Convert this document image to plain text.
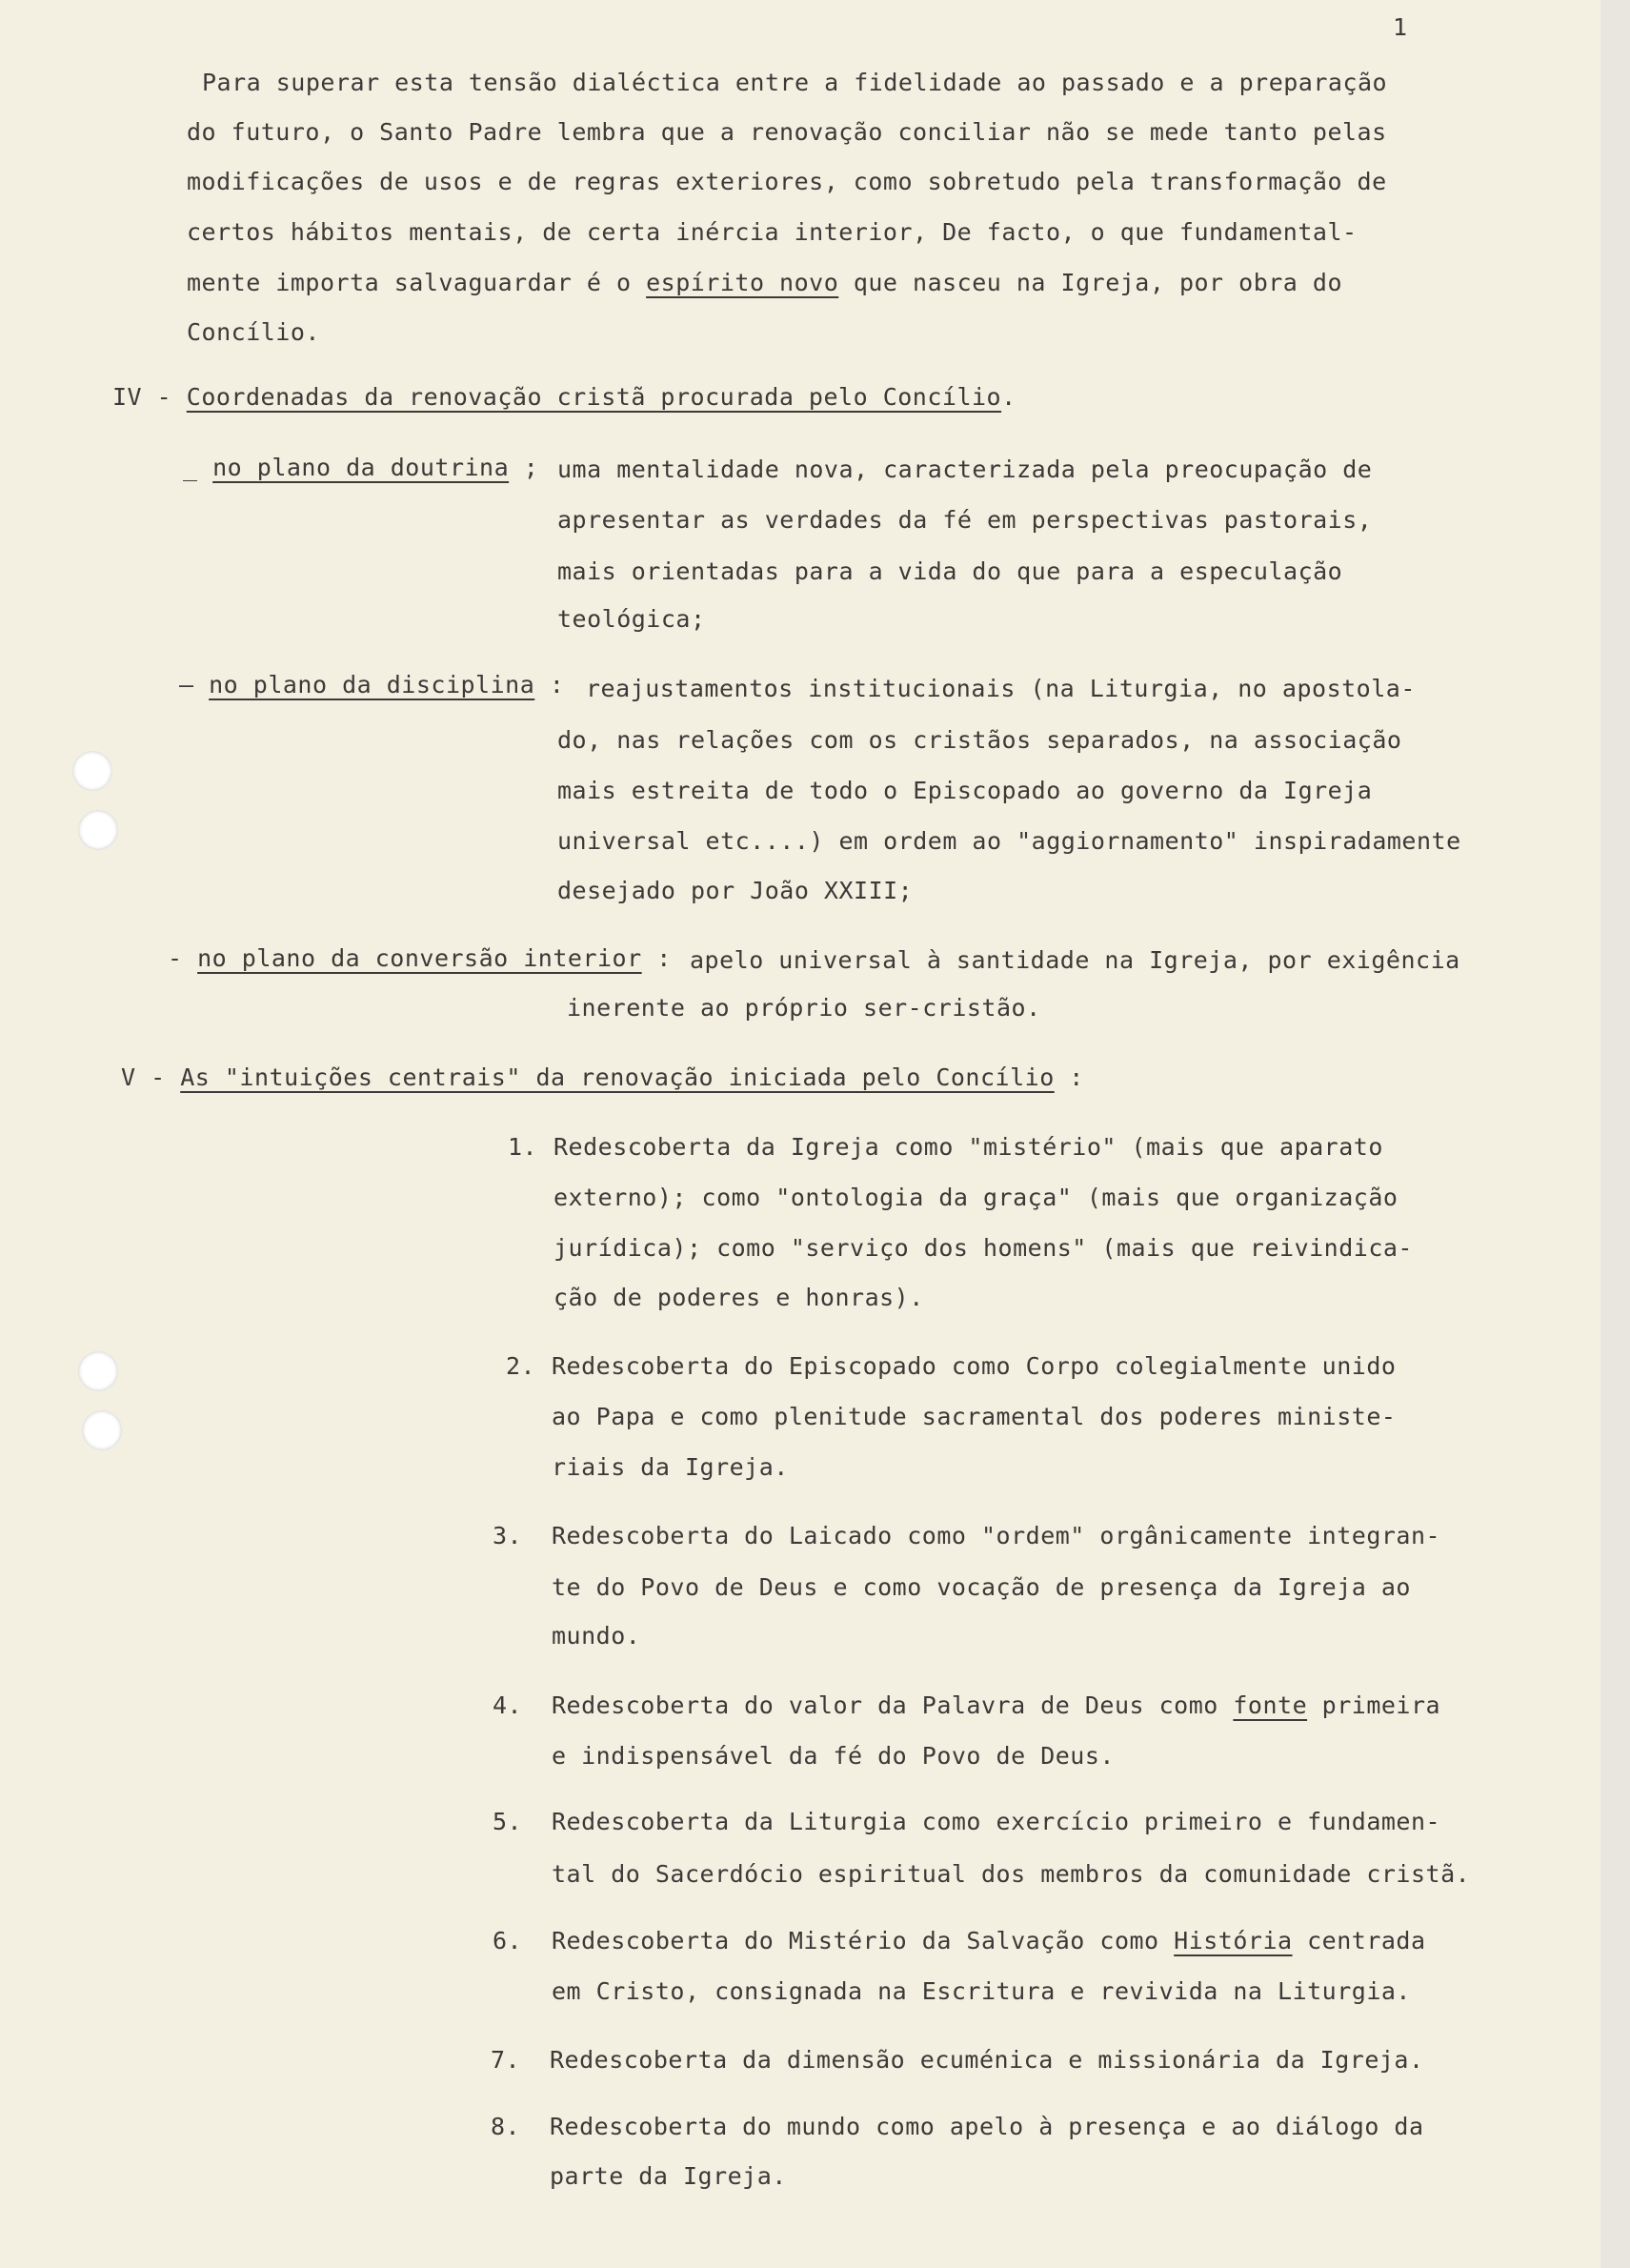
1
Para superar esta tensão dialéctica entre a fidelidade ao passado e a preparação
do futuro, o Santo Padre lembra que a renovação conciliar não se mede tanto pelas
modificações de usos e de regras exteriores, como sobretudo pela transformação de
certos hábitos mentais, de certa inércia interior, De facto, o que fundamental-
mente importa salvaguardar é o espírito novo que nasceu na Igreja, por obra do
Concílio.
IV - Coordenadas da renovação cristã procurada pelo Concílio.
_ no plano da doutrina ; uma mentalidade nova, caracterizada pela preocupação de
apresentar as verdades da fé em perspectivas pastorais,
mais orientadas para a vida do que para a especulação
teológica;
— no plano da disciplina : reajustamentos institucionais (na Liturgia, no apostola-
do, nas relações com os cristãos separados, na associação
mais estreita de todo o Episcopado ao governo da Igreja
universal etc....) em ordem ao "aggiornamento" inspiradamente
desejado por João XXIII;
- no plano da conversão interior : apelo universal à santidade na Igreja, por exigência
inerente ao próprio ser-cristão.
V - As "intuições centrais" da renovação iniciada pelo Concílio :
1. Redescoberta da Igreja como "mistério" (mais que aparato
externo); como "ontologia da graça" (mais que organização
jurídica); como "serviço dos homens" (mais que reivindica-
ção de poderes e honras).
2. Redescoberta do Episcopado como Corpo colegialmente unido
ao Papa e como plenitude sacramental dos poderes ministe-
riais da Igreja.
3. Redescoberta do Laicado como "ordem" orgânicamente integran-
te do Povo de Deus e como vocação de presença da Igreja ao
mundo.
4. Redescoberta do valor da Palavra de Deus como fonte primeira
e indispensável da fé do Povo de Deus.
5. Redescoberta da Liturgia como exercício primeiro e fundamen-
tal do Sacerdócio espiritual dos membros da comunidade cristã.
6. Redescoberta do Mistério da Salvação como História centrada
em Cristo, consignada na Escritura e revivida na Liturgia.
7. Redescoberta da dimensão ecuménica e missionária da Igreja.
8. Redescoberta do mundo como apelo à presença e ao diálogo da
parte da Igreja.
